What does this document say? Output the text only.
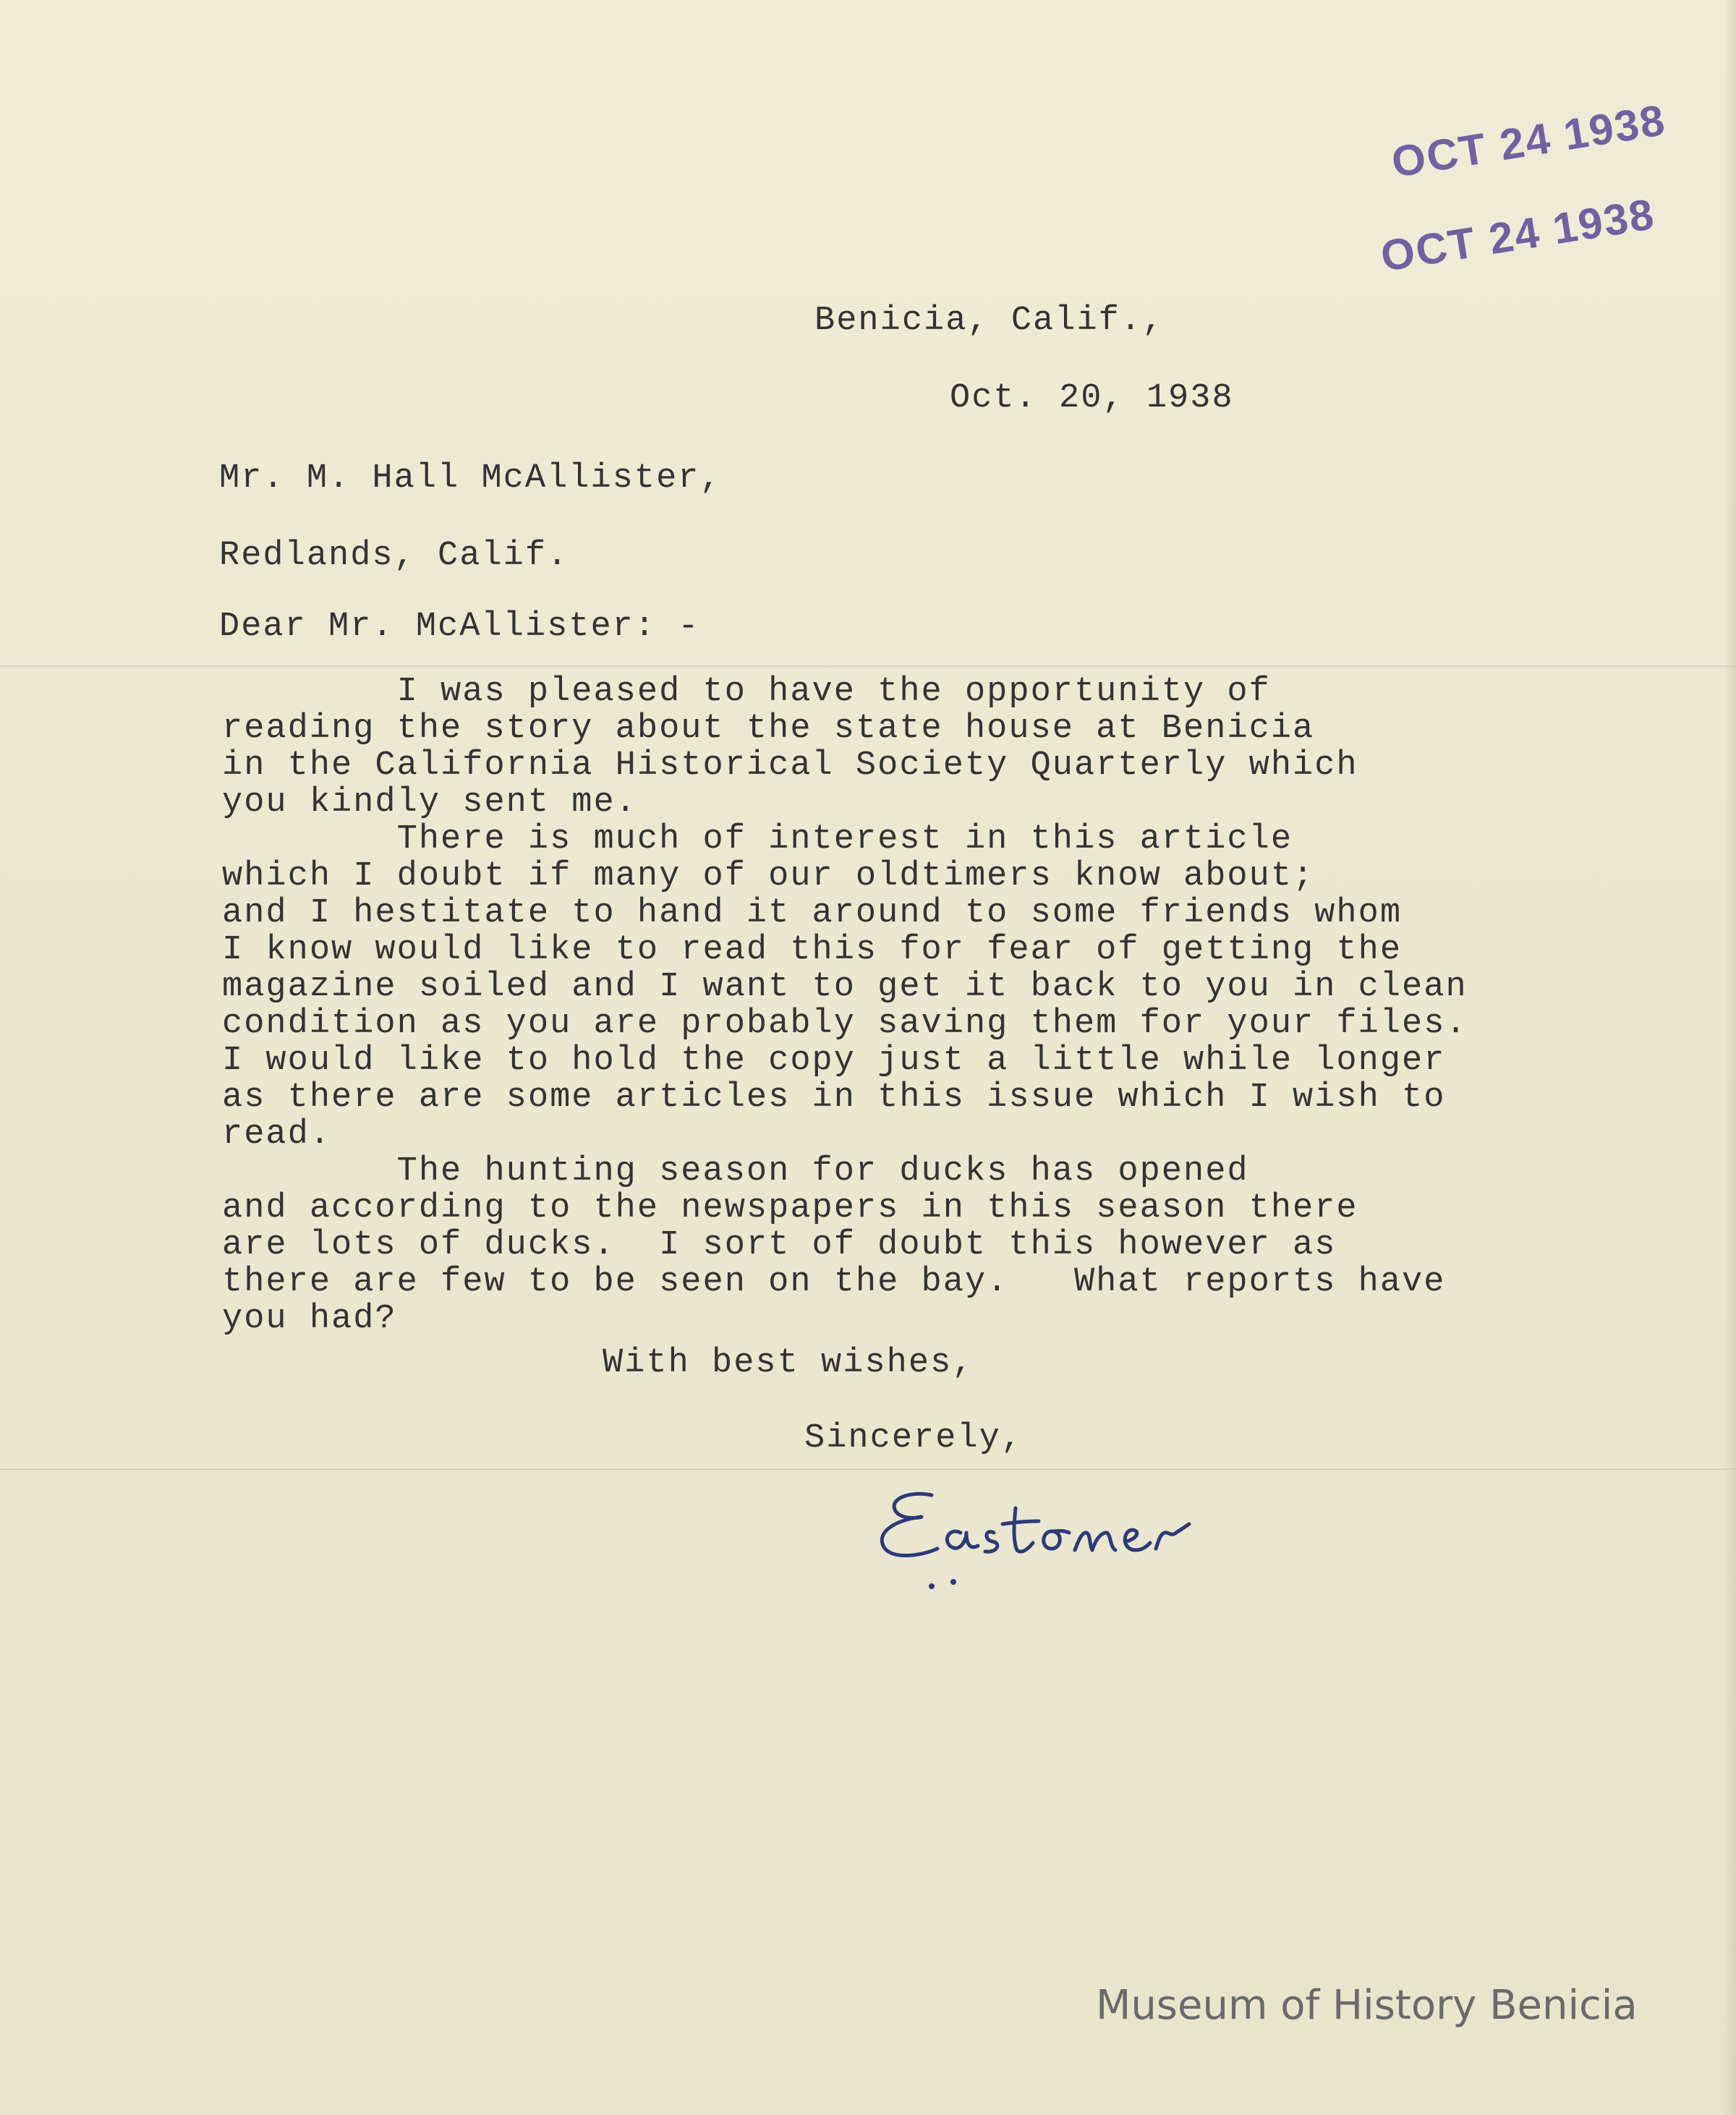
OCT 24 1938
OCT 24 1938
Benicia, Calif.,
Oct. 20, 1938
Mr. M. Hall McAllister,
Redlands, Calif.
Dear Mr. McAllister: -
I was pleased to have the opportunity of
reading the story about the state house at Benicia
in the California Historical Society Quarterly which
you kindly sent me.
There is much of interest in this article
which I doubt if many of our oldtimers know about;
and I hestitate to hand it around to some friends whom
I know would like to read this for fear of getting the
magazine soiled and I want to get it back to you in clean
condition as you are probably saving them for your files.
I would like to hold the copy just a little while longer
as there are some articles in this issue which I wish to
read.
The hunting season for ducks has opened
and according to the newspapers in this season there
are lots of ducks.  I sort of doubt this however as
there are few to be seen on the bay.   What reports have
you had?
With best wishes,
Sincerely,
Museum of History Benicia
